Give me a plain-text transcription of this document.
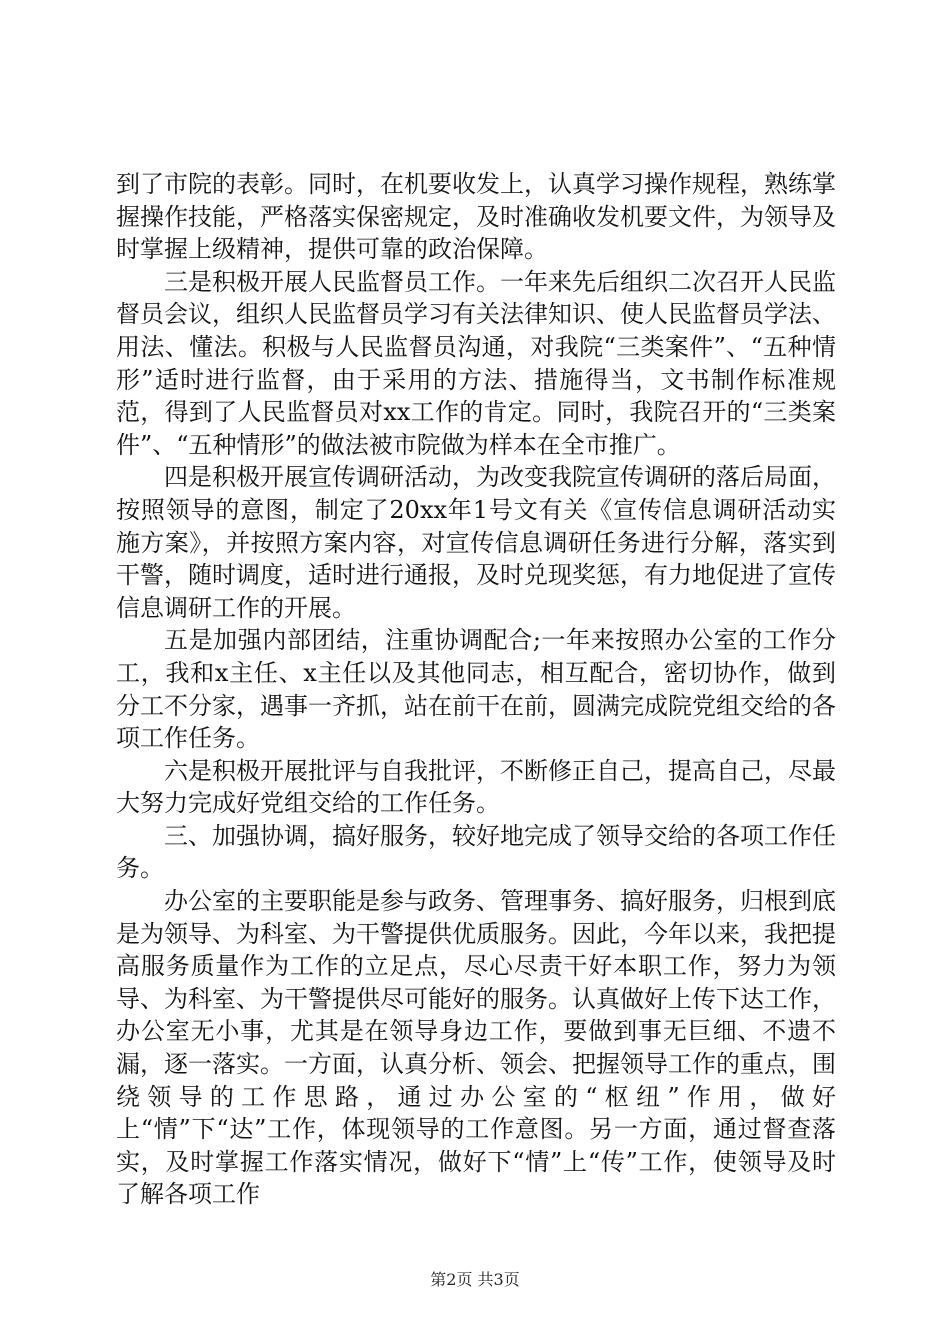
到了市院的表彰。同时，在机要收发上，认真学习操作规程，熟练掌握操作技能，严格落实保密规定，及时准确收发机要文件，为领导及时掌握上级精神，提供可靠的政治保障。

三是积极开展人民监督员工作。一年来先后组织二次召开人民监督员会议，组织人民监督员学习有关法律知识、使人民监督员学法、用法、懂法。积极与人民监督员沟通，对我院“三类案件”、“五种情形”适时进行监督，由于采用的方法、措施得当，文书制作标准规范，得到了人民监督员对xx工作的肯定。同时，我院召开的“三类案件”、“五种情形”的做法被市院做为样本在全市推广。

四是积极开展宣传调研活动，为改变我院宣传调研的落后局面，按照领导的意图，制定了20xx年1号文有关《宣传信息调研活动实施方案》，并按照方案内容，对宣传信息调研任务进行分解，落实到干警，随时调度，适时进行通报，及时兑现奖惩，有力地促进了宣传信息调研工作的开展。

五是加强内部团结，注重协调配合;一年来按照办公室的工作分工，我和x主任、x主任以及其他同志，相互配合，密切协作，做到分工不分家，遇事一齐抓，站在前干在前，圆满完成院党组交给的各项工作任务。

六是积极开展批评与自我批评，不断修正自己，提高自己，尽最大努力完成好党组交给的工作任务。

三、加强协调，搞好服务，较好地完成了领导交给的各项工作任务。

办公室的主要职能是参与政务、管理事务、搞好服务，归根到底是为领导、为科室、为干警提供优质服务。因此，今年以来，我把提高服务质量作为工作的立足点，尽心尽责干好本职工作，努力为领导、为科室、为干警提供尽可能好的服务。认真做好上传下达工作，办公室无小事，尤其是在领导身边工作，要做到事无巨细、不遗不漏，逐一落实。一方面，认真分析、领会、把握领导工作的重点，围绕领导的工作思路，通过办公室的“枢纽”作用，做好上“情”下“达”工作，体现领导的工作意图。另一方面，通过督查落实，及时掌握工作落实情况，做好下“情”上“传”工作，使领导及时了解各项工作

第2页 共3页
